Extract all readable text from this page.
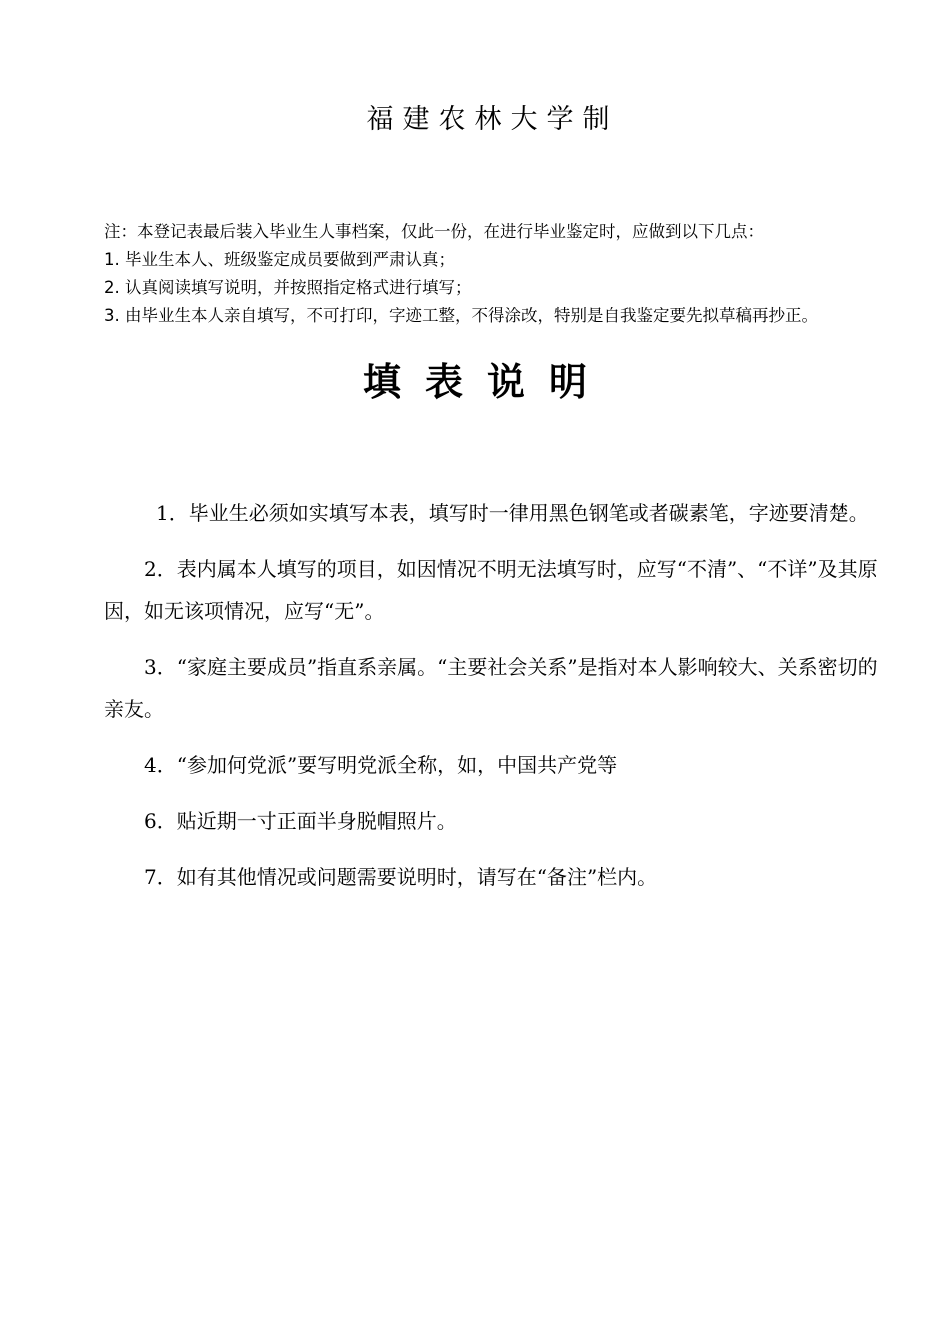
福建农林大学制
注：本登记表最后装入毕业生人事档案，仅此一份，在进行毕业鉴定时，应做到以下几点：
1. 毕业生本人、班级鉴定成员要做到严肃认真；
2. 认真阅读填写说明，并按照指定格式进行填写；
3. 由毕业生本人亲自填写，不可打印，字迹工整，不得涂改，特别是自我鉴定要先拟草稿再抄正。
填表说明

1．毕业生必须如实填写本表，填写时一律用黑色钢笔或者碳素笔，字迹要清楚。

2．表内属本人填写的项目，如因情况不明无法填写时，应写“不清”、“不详”及其原因，如无该项情况，应写“无”。

3．“家庭主要成员”指直系亲属。“主要社会关系”是指对本人影响较大、关系密切的亲友。

4．“参加何党派”要写明党派全称，如，中国共产党等

6．贴近期一寸正面半身脱帽照片。

7．如有其他情况或问题需要说明时，请写在“备注”栏内。
